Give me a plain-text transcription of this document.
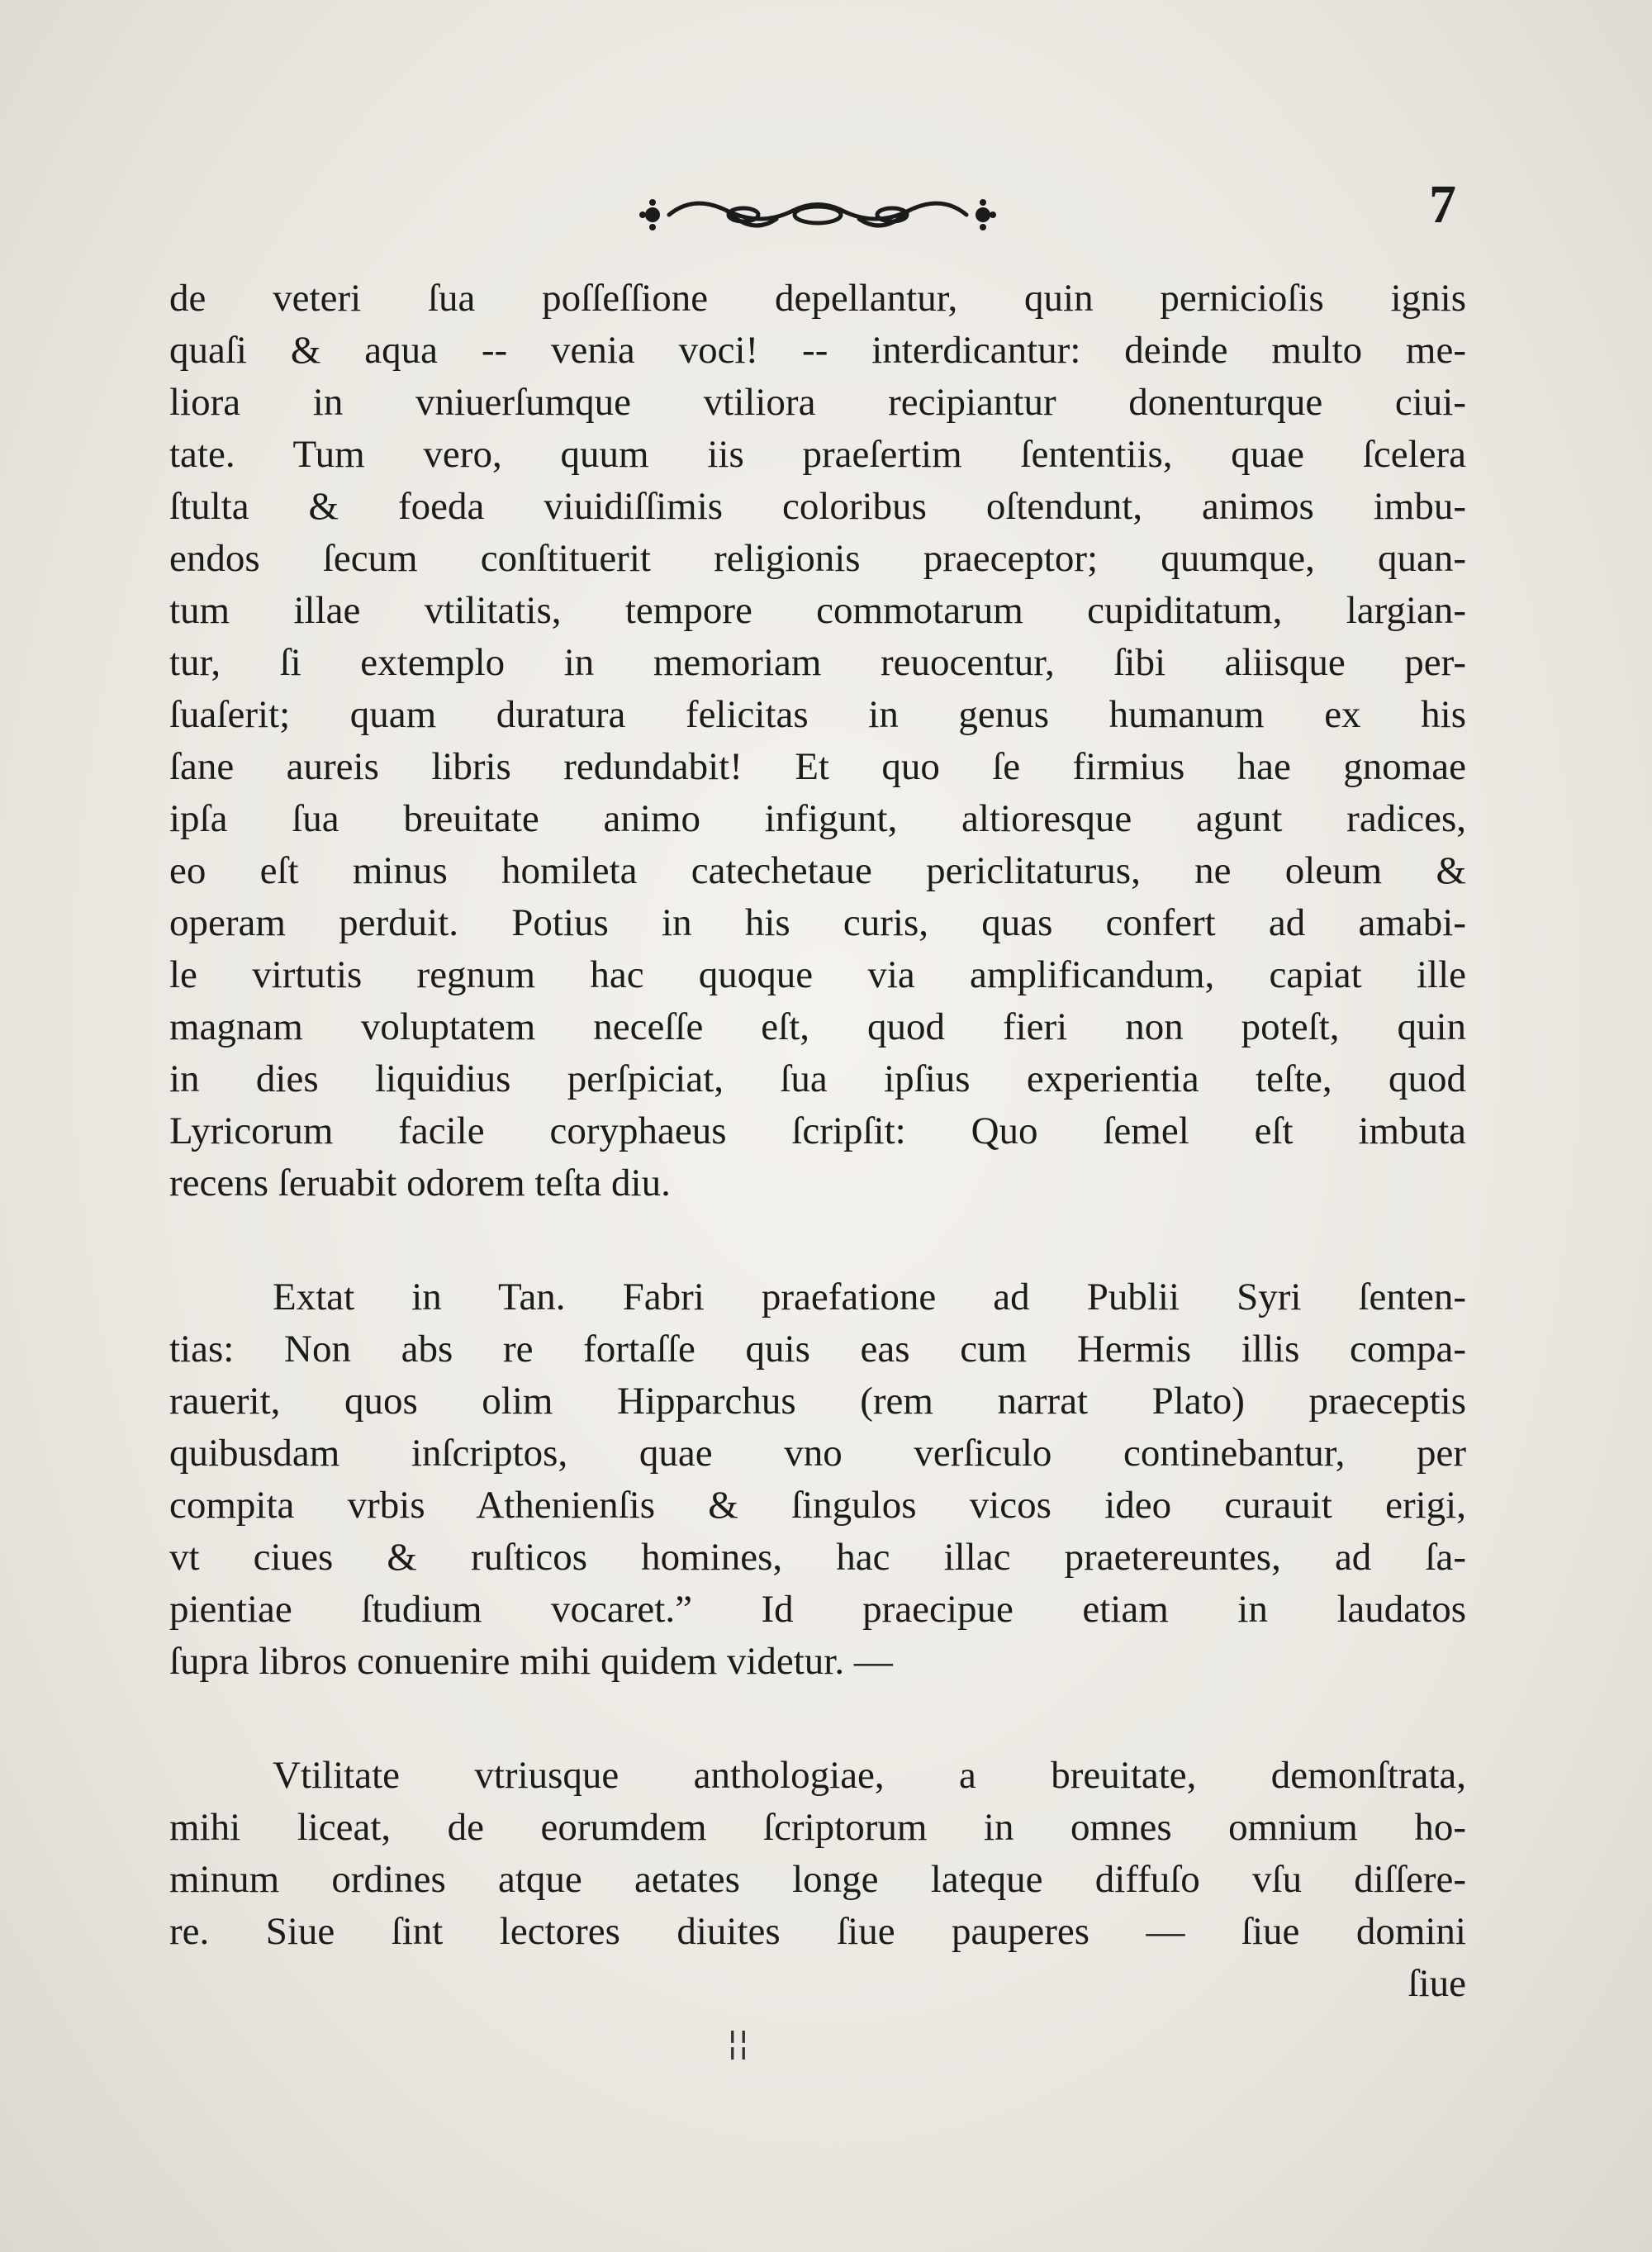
7

de veteri ſua poſſeſſione depellantur, quin pernicioſis ignis
quaſi & aqua -- venia voci! -- interdicantur: deinde multo me-
liora in vniuerſumque vtiliora recipiantur donenturque ciui-
tate. Tum vero, quum iis praeſertim ſententiis, quae ſcelera
ſtulta & foeda viuidiſſimis coloribus oſtendunt, animos imbu-
endos ſecum conſtituerit religionis praeceptor; quumque, quan-
tum illae vtilitatis, tempore commotarum cupiditatum, largian-
tur, ſi extemplo in memoriam reuocentur, ſibi aliisque per-
ſuaſerit; quam duratura felicitas in genus humanum ex his
ſane aureis libris redundabit! Et quo ſe firmius hae gnomae
ipſa ſua breuitate animo infigunt, altioresque agunt radices,
eo eſt minus homileta catechetaue periclitaturus, ne oleum &
operam perduit. Potius in his curis, quas confert ad amabi-
le virtutis regnum hac quoque via amplificandum, capiat ille
magnam voluptatem neceſſe eſt, quod fieri non poteſt, quin
in dies liquidius perſpiciat, ſua ipſius experientia teſte, quod
Lyricorum facile coryphaeus ſcripſit: Quo ſemel eſt imbuta
recens ſeruabit odorem teſta diu.

Extat in Tan. Fabri praefatione ad Publii Syri ſenten-
tias: Non abs re fortaſſe quis eas cum Hermis illis compa-
rauerit, quos olim Hipparchus (rem narrat Plato) praeceptis
quibusdam inſcriptos, quae vno verſiculo continebantur, per
compita vrbis Athenienſis & ſingulos vicos ideo curauit erigi,
vt ciues & ruſticos homines, hac illac praetereuntes, ad ſa-
pientiae ſtudium vocaret.” Id praecipue etiam in laudatos
ſupra libros conuenire mihi quidem videtur. —

Vtilitate vtriusque anthologiae, a breuitate, demonſtrata,
mihi liceat, de eorumdem ſcriptorum in omnes omnium ho-
minum ordines atque aetates longe lateque diffuſo vſu diſſere-
re. Siue ſint lectores diuites ſiue pauperes — ſiue domini

ſiue
¦¦
